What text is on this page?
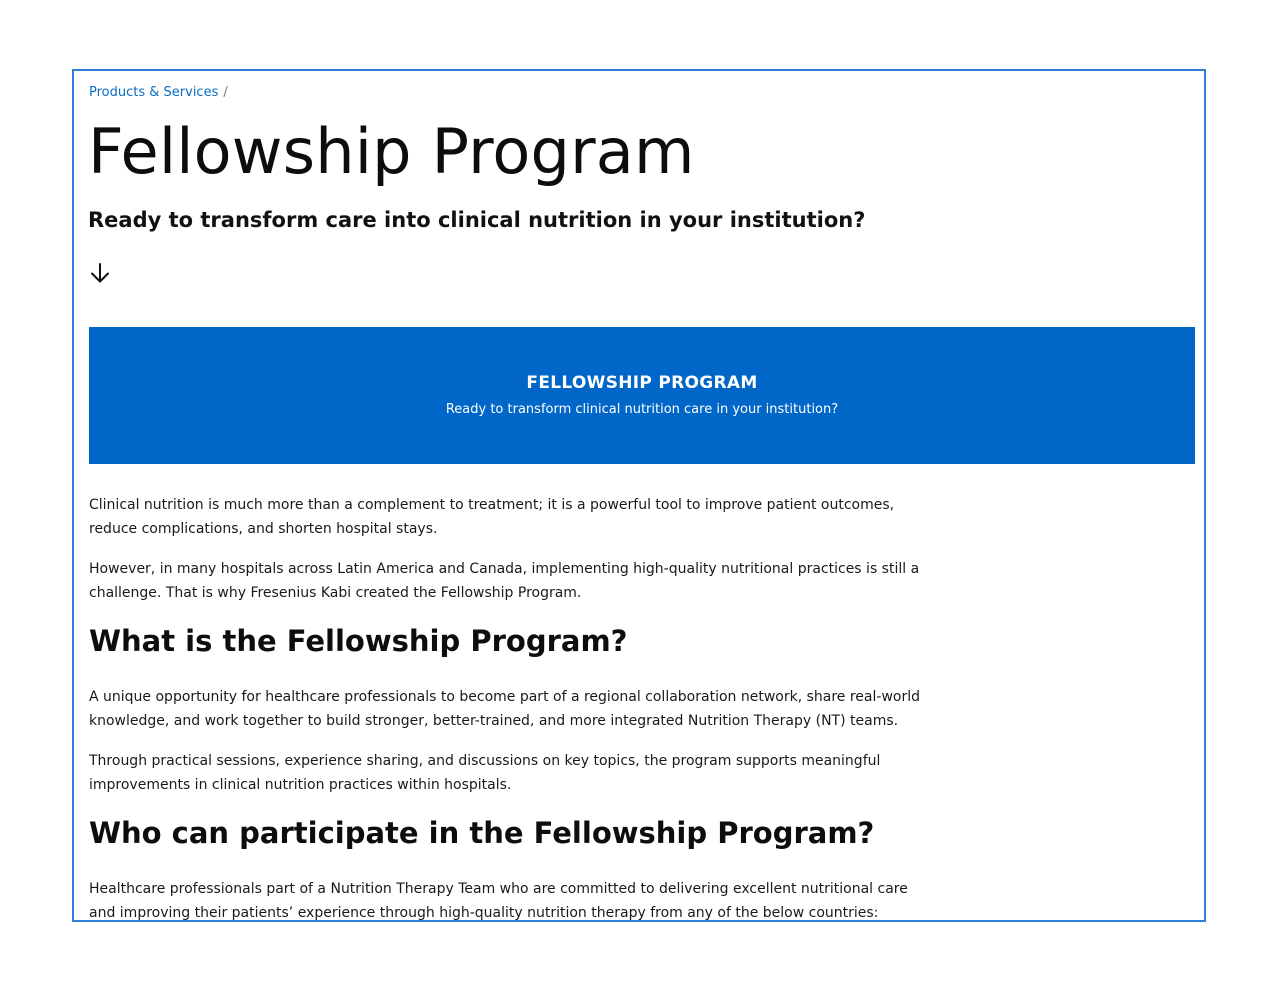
Products & Services /
Fellowship Program

Ready to transform care into clinical nutrition in your institution?

FELLOWSHIP PROGRAM
Ready to transform clinical nutrition care in your institution?

Clinical nutrition is much more than a complement to treatment; it is a powerful tool to improve patient outcomes, reduce complications, and shorten hospital stays.

However, in many hospitals across Latin America and Canada, implementing high-quality nutritional practices is still a challenge. That is why Fresenius Kabi created the Fellowship Program.

What is the Fellowship Program?

A unique opportunity for healthcare professionals to become part of a regional collaboration network, share real-world knowledge, and work together to build stronger, better-trained, and more integrated Nutrition Therapy (NT) teams.

Through practical sessions, experience sharing, and discussions on key topics, the program supports meaningful improvements in clinical nutrition practices within hospitals.

Who can participate in the Fellowship Program?

Healthcare professionals part of a Nutrition Therapy Team who are committed to delivering excellent nutritional care and improving their patients’ experience through high-quality nutrition therapy from any of the below countries:
